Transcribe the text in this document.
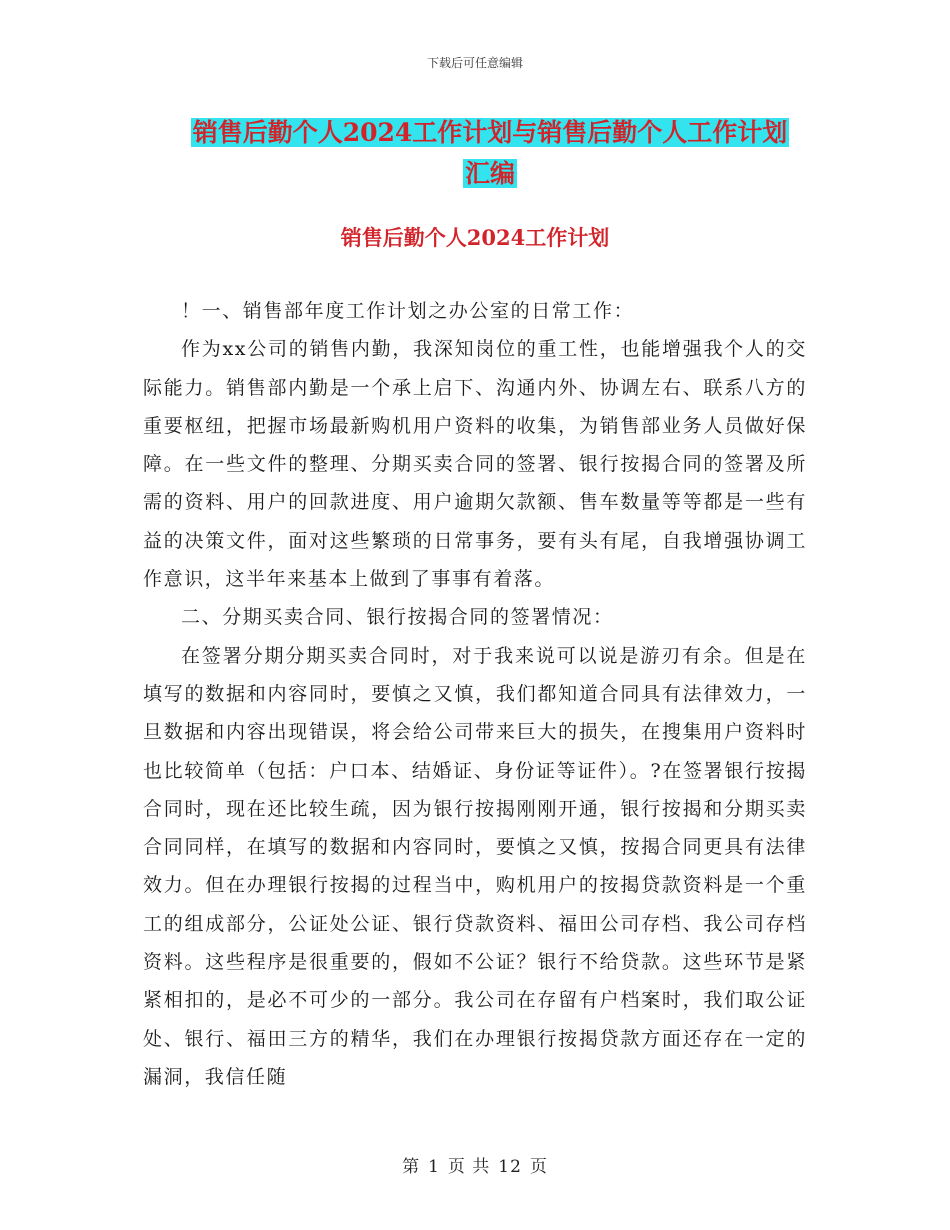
下载后可任意编辑
销售后勤个人2024工作计划与销售后勤个人工作计划
汇编
销售后勤个人2024工作计划

！一、销售部年度工作计划之办公室的日常工作：

作为xx公司的销售内勤，我深知岗位的重工性，也能增强我个人的交际能力。销售部内勤是一个承上启下、沟通内外、协调左右、联系八方的重要枢纽，把握市场最新购机用户资料的收集，为销售部业务人员做好保障。在一些文件的整理、分期买卖合同的签署、银行按揭合同的签署及所需的资料、用户的回款进度、用户逾期欠款额、售车数量等等都是一些有益的决策文件，面对这些繁琐的日常事务，要有头有尾，自我增强协调工作意识，这半年来基本上做到了事事有着落。

二、分期买卖合同、银行按揭合同的签署情况：

在签署分期分期买卖合同时，对于我来说可以说是游刃有余。但是在填写的数据和内容同时，要慎之又慎，我们都知道合同具有法律效力，一旦数据和内容出现错误，将会给公司带来巨大的损失，在搜集用户资料时也比较简单（包括：户口本、结婚证、身份证等证件）。?在签署银行按揭合同时，现在还比较生疏，因为银行按揭刚刚开通，银行按揭和分期买卖合同同样，在填写的数据和内容同时，要慎之又慎，按揭合同更具有法律效力。但在办理银行按揭的过程当中，购机用户的按揭贷款资料是一个重工的组成部分，公证处公证、银行贷款资料、福田公司存档、我公司存档资料。这些程序是很重要的，假如不公证？银行不给贷款。这些环节是紧紧相扣的，是必不可少的一部分。我公司在存留有户档案时，我们取公证处、银行、福田三方的精华，我们在办理银行按揭贷款方面还存在一定的漏洞，我信任随

第 1 页 共 12 页
